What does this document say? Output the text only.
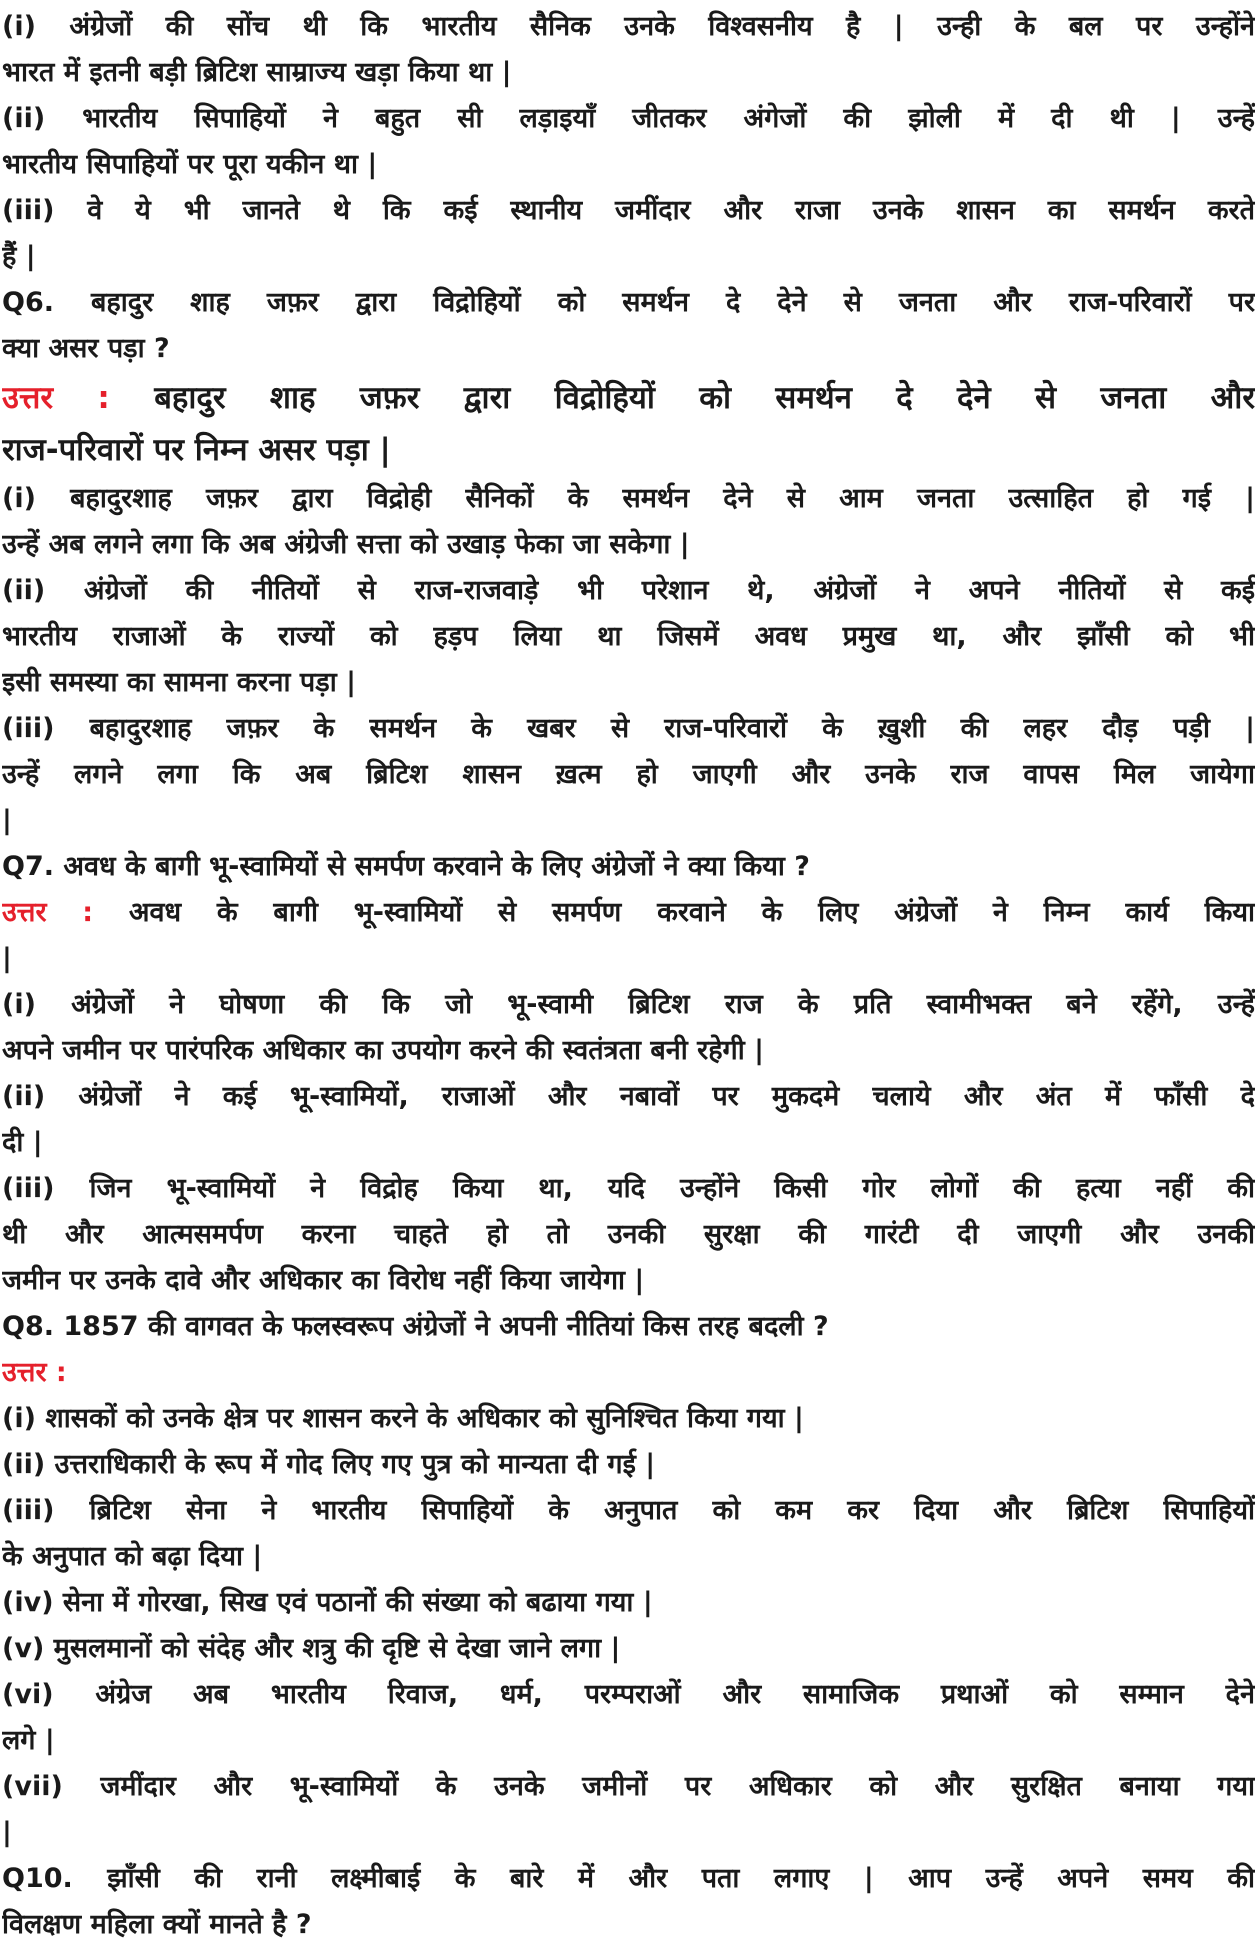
(i) अंग्रेजों की सोंच थी कि भारतीय सैनिक उनके विश्वसनीय है | उन्ही के बल पर उन्होंने
भारत में इतनी बड़ी ब्रिटिश साम्राज्य खड़ा किया था |
(ii) भारतीय सिपाहियों ने बहुत सी लड़ाइयाँ जीतकर अंगेजों की झोली में दी थी | उन्हें
भारतीय सिपाहियों पर पूरा यकीन था |
(iii) वे ये भी जानते थे कि कई स्थानीय जमींदार और राजा उनके शासन का समर्थन करते
हैं |
Q6. बहादुर शाह जफ़र द्वारा विद्रोहियों को समर्थन दे देने से जनता और राज-परिवारों पर
क्या असर पड़ा ?
उत्तर : बहादुर शाह जफ़र द्वारा विद्रोहियों को समर्थन दे देने से जनता और
राज-परिवारों पर निम्न असर पड़ा |
(i) बहादुरशाह जफ़र द्वारा विद्रोही सैनिकों के समर्थन देने से आम जनता उत्साहित हो गई |
उन्हें अब लगने लगा कि अब अंग्रेजी सत्ता को उखाड़ फेका जा सकेगा |
(ii) अंग्रेजों की नीतियों से राज-राजवाड़े भी परेशान थे, अंग्रेजों ने अपने नीतियों से कई
भारतीय राजाओं के राज्यों को हड़प लिया था जिसमें अवध प्रमुख था, और झाँसी को भी
इसी समस्या का सामना करना पड़ा |
(iii) बहादुरशाह जफ़र के समर्थन के खबर से राज-परिवारों के ख़ुशी की लहर दौड़ पड़ी |
उन्हें लगने लगा कि अब ब्रिटिश शासन ख़त्म हो जाएगी और उनके राज वापस मिल जायेगा
|
Q7. अवध के बागी भू-स्वामियों से समर्पण करवाने के लिए अंग्रेजों ने क्या किया ?
उत्तर : अवध के बागी भू-स्वामियों से समर्पण करवाने के लिए अंग्रेजों ने निम्न कार्य किया
|
(i) अंग्रेजों ने घोषणा की कि जो भू-स्वामी ब्रिटिश राज के प्रति स्वामीभक्त बने रहेंगे, उन्हें
अपने जमीन पर पारंपरिक अधिकार का उपयोग करने की स्वतंत्रता बनी रहेगी |
(ii) अंग्रेजों ने कई भू-स्वामियों, राजाओं और नबावों पर मुकदमे चलाये और अंत में फाँसी दे
दी |
(iii) जिन भू-स्वामियों ने विद्रोह किया था, यदि उन्होंने किसी गोर लोगों की हत्या नहीं की
थी और आत्मसमर्पण करना चाहते हो तो उनकी सुरक्षा की गारंटी दी जाएगी और उनकी
जमीन पर उनके दावे और अधिकार का विरोध नहीं किया जायेगा |
Q8. 1857 की वागवत के फलस्वरूप अंग्रेजों ने अपनी नीतियां किस तरह बदली ?
उत्तर :
(i) शासकों को उनके क्षेत्र पर शासन करने के अधिकार को सुनिश्चित किया गया |
(ii) उत्तराधिकारी के रूप में गोद लिए गए पुत्र को मान्यता दी गई |
(iii) ब्रिटिश सेना ने भारतीय सिपाहियों के अनुपात को कम कर दिया और ब्रिटिश सिपाहियों
के अनुपात को बढ़ा दिया |
(iv) सेना में गोरखा, सिख एवं पठानों की संख्या को बढाया गया |
(v) मुसलमानों को संदेह और शत्रु की दृष्टि से देखा जाने लगा |
(vi) अंग्रेज अब भारतीय रिवाज, धर्म, परम्पराओं और सामाजिक प्रथाओं को सम्मान देने
लगे |
(vii) जमींदार और भू-स्वामियों के उनके जमीनों पर अधिकार को और सुरक्षित बनाया गया
|
Q10. झाँसी की रानी लक्ष्मीबाई के बारे में और पता लगाए | आप उन्हें अपने समय की
विलक्षण महिला क्यों मानते है ?
